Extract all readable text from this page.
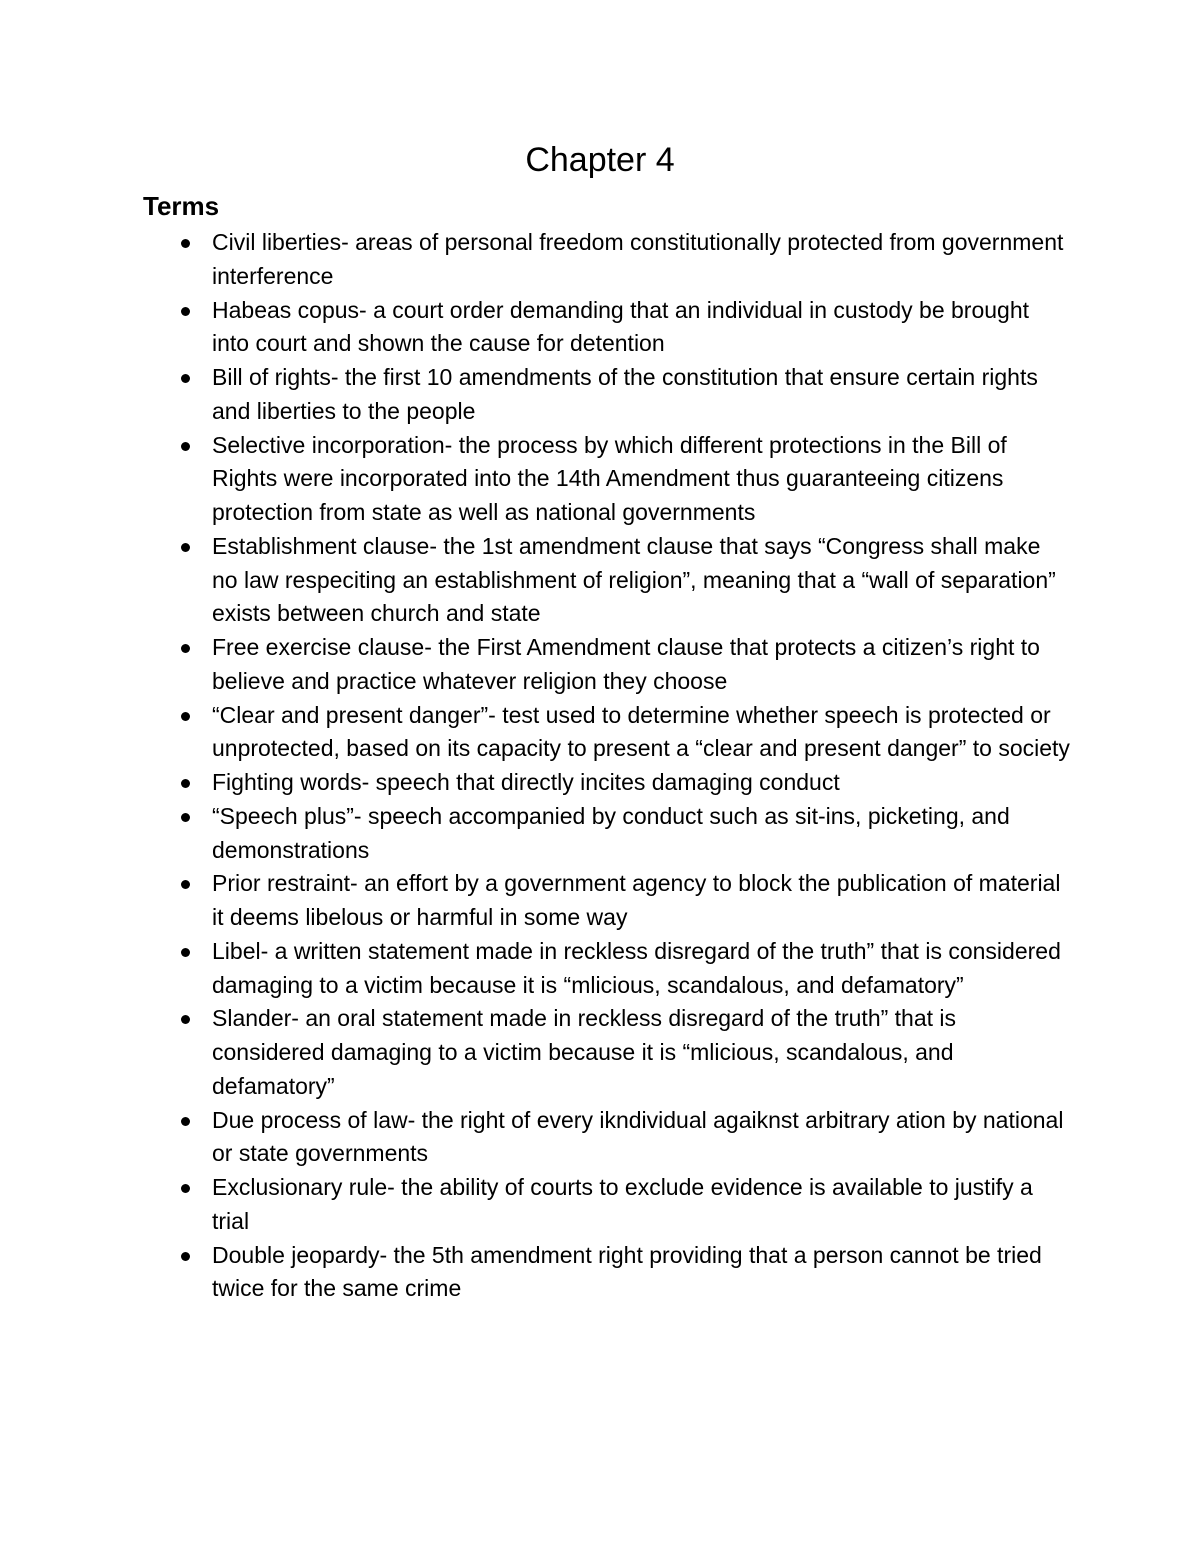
Chapter 4
Terms
Civil liberties- areas of personal freedom constitutionally protected from government interference
Habeas copus- a court order demanding that an individual in custody be brought into court and shown the cause for detention
Bill of rights- the first 10 amendments of the constitution that ensure certain rights and liberties to the people
Selective incorporation- the process by which different protections in the Bill of Rights were incorporated into the 14th Amendment thus guaranteeing citizens protection from state as well as national governments
Establishment clause- the 1st amendment clause that says “Congress shall make no law respeciting an establishment of religion”, meaning that a “wall of separation” exists between church and state
Free exercise clause- the First Amendment clause that protects a citizen’s right to believe and practice whatever religion they choose
“Clear and present danger”- test used to determine whether speech is protected or unprotected, based on its capacity to present a “clear and present danger” to society
Fighting words- speech that directly incites damaging conduct
“Speech plus”- speech accompanied by conduct such as sit-ins, picketing, and demonstrations
Prior restraint- an effort by a government agency to block the publication of material it deems libelous or harmful in some way
Libel- a written statement made in reckless disregard of the truth” that is considered damaging to a victim because it is “mlicious, scandalous, and defamatory”
Slander- an oral statement made in reckless disregard of the truth” that is considered damaging to a victim because it is “mlicious, scandalous, and defamatory”
Due process of law- the right of every ikndividual agaiknst arbitrary ation by national or state governments
Exclusionary rule- the ability of courts to exclude evidence is available to justify a trial
Double jeopardy- the 5th amendment right providing that a person cannot be tried twice for the same crime
